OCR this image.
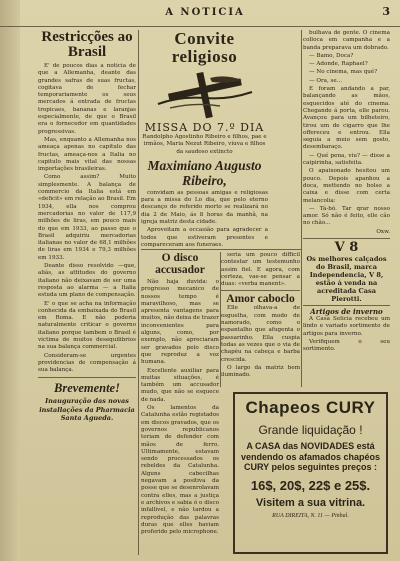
A NOTICIA	3
Restricções ao Brasil

E' de poucos dias a noticia de que a Allemanha, deante das grandes safras de suas fructas, cogitava de fechar temporariamente os seus mercados á entrada de fructas tropicaes, bananas e laranjas especialmente, de que o Brasil era o fornecedor em quantidades progressivas.

Mas, enquanto a Allemanha nos ameaça apenas no capitulo das fructas, ameaça-nos a Italia no capitulo mais vital das nossas importações brasileiras.

Como assim? Muito simplesmente. A balança de commercio da Italia está em «deficit» em relação ao Brasil. Em 1934, ella nos comprou mercadorias no valor de 117,9 milhões de liras, em pouco mais do que em 1933, ao passo que o Brasil adquiriu mercadorias italianas no valor de 68,1 milhões de liras em 1934 e 79,3 milhões em 1933.

Deante disso resolvido —que, aliás, as attitudes do governo italiano não deixavam de ser uma resposta ao alarma — a Italia estuda um plano de compensação.

E' o que se acha na informação conhecida da embaixada do Brasil em Roma. E não poderia naturalmente criticar o governo italiano porque tambem o Brasil é victima de muitos desequilibrios na sua balança commercial.

Consideram-se urgentes providencias de compensação á sua balança.

Brevemente!

Inauguração das novas installações da Pharmacia Santa Agueda.

Convite religioso
MISSA DO 7.º DIA

Randolpho Agostinho Ribeiro e filhos, pae e irmãos, Maria Nezut Ribeiro, viuva e filhos da saudoso extincto

Maximiano Augusto Ribeiro,

convidam as pessoas amigas e religiosas para a missa do Lo dia, que pelo eterno descanço de referido morto se realizará no dia 2 de Maio, ás 8 horas da manhã, na igreja matriz desta cidade.

Aproveitam a occasião para agradecer a todos que estiveram presentes e compareceram aos funeraes.

O disco accusador

Não haja duvida: o progresso mecanico de nossos tempo é maravilhoso, mas se apresenta vantagens para muitos, não deixa de trazer inconvenientes para alguns, como, por exemplo, não apreciaram ser gravados pelo disco que reproduz a voz humana.

Excellente auxiliar para muitas situações, é também um accusador mudo, que não se esquece de nada.

Os lamentos da Catalunha estão registados em discos gravados, que os governos republicanos teriam de defender com mãos de ferro. Ultimamente, estavam sendo processados os rebeldes da Catalunha. Alguns cabecilhas negavam a positiva da posse que se desenrolavam contra elles, mas a justiça e archivos e sabia ó o disco infallivel, e não tardou a reprodução das palavras duras que elles haviam proferido pelo microphone.

seria um pouco difficil contestar um testemunho assim fiel. E agora, com certeza, vae-se pensar a duas: «verba manent».

Amor caboclo

Elle olhava-a de esguelha, com modo de namorado, como o espantalho que afugenta o passarinho. Ella cuspia todas as vezes que o via de chapéu na cabeça e barba crescida.

O largo da matriz bem iluminado.

bulhava de gente. O cinema colloca em campanha e a banda preparava um dobrado.

— Bamo, Doca?

— Adonde, Raphael?

— No cinema, mas qué?

— Ora, se...

E foram andando a par, balançando as mãos, esquecidos até do cinema. Chegando á porta, elle parou. Avançou para um bilheteiro, tirou um de cigarro que lhe offereceu e entrou. Ella seguia a meio sem gosto, desembaraço.

— Qué pena, viu? — disse a caipirinha, satisfeita.

O apaixonado hesitou um pouco. Depois apanhou a doca, mettendo no bolso a caixa e disse com certa melancolia:

— Tá-bó. Tar qrar nosso amor. Só não é feito, elle cão no chão...

Oxw.

V 8

Os melhores calçados do Brasil, marca Independencia, V 8, estão á venda na acreditada Casa Pierotti.

Artigos de inverno

A Casa Selicia recebeu um lindo e variado sortimento de artigos para inverno.

Verifiquem o seu sortimento.

Chapeos CURY
Grande liquidação !
A CASA das NOVIDADES está vendendo os afamados chapéos CURY pelos seguintes preços :
16$, 20$, 22$ e 25$.
Visitem a sua vitrina.
RUA DIREITA, N. 11 — Pinhal.
